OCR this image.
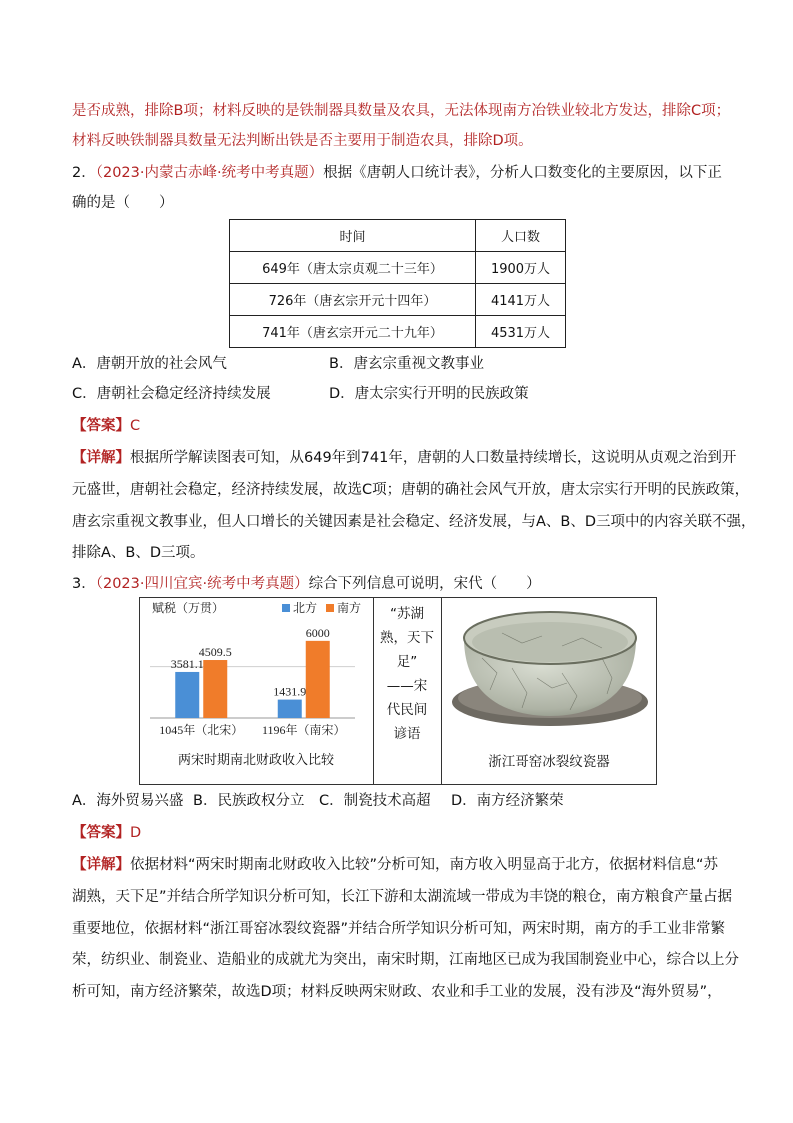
是否成熟，排除B项；材料反映的是铁制器具数量及农具，无法体现南方冶铁业较北方发达，排除C项；
材料反映铁制器具数量无法判断出铁是否主要用于制造农具，排除D项。
2．（2023·内蒙古赤峰·统考中考真题）根据《唐朝人口统计表》，分析人口数变化的主要原因，以下正
确的是（　　）
时间	人口数
649年（唐太宗贞观二十三年）	1900万人
726年（唐玄宗开元十四年）	4141万人
741年（唐玄宗开元二十九年）	4531万人
A．唐朝开放的社会风气	B．唐玄宗重视文教事业
C．唐朝社会稳定经济持续发展	D．唐太宗实行开明的民族政策
【答案】C
【详解】根据所学解读图表可知，从649年到741年，唐朝的人口数量持续增长，这说明从贞观之治到开
元盛世，唐朝社会稳定，经济持续发展，故选C项；唐朝的确社会风气开放，唐太宗实行开明的民族政策，
唐玄宗重视文教事业，但人口增长的关键因素是社会稳定、经济发展，与A、B、D三项中的内容关联不强，
排除A、B、D三项。
3．（2023·四川宜宾·统考中考真题）综合下列信息可说明，宋代（　　）
赋税（万贯）	北方 南方
3581.1
4509.5
1045年（北宋）
1431.9
6000
1196年（南宋）
两宋时期南北财政收入比较
“苏湖
熟，天下
足”
——宋
代民间
谚语
浙江哥窑冰裂纹瓷器
A．海外贸易兴盛 B．民族政权分立 C．制瓷技术高超 D．南方经济繁荣
【答案】D
【详解】依据材料“两宋时期南北财政收入比较”分析可知，南方收入明显高于北方，依据材料信息“苏
湖熟，天下足”并结合所学知识分析可知，长江下游和太湖流域一带成为丰饶的粮仓，南方粮食产量占据
重要地位，依据材料“浙江哥窑冰裂纹瓷器”并结合所学知识分析可知，两宋时期，南方的手工业非常繁
荣，纺织业、制瓷业、造船业的成就尤为突出，南宋时期，江南地区已成为我国制瓷业中心，综合以上分
析可知，南方经济繁荣，故选D项；材料反映两宋财政、农业和手工业的发展，没有涉及“海外贸易”，
